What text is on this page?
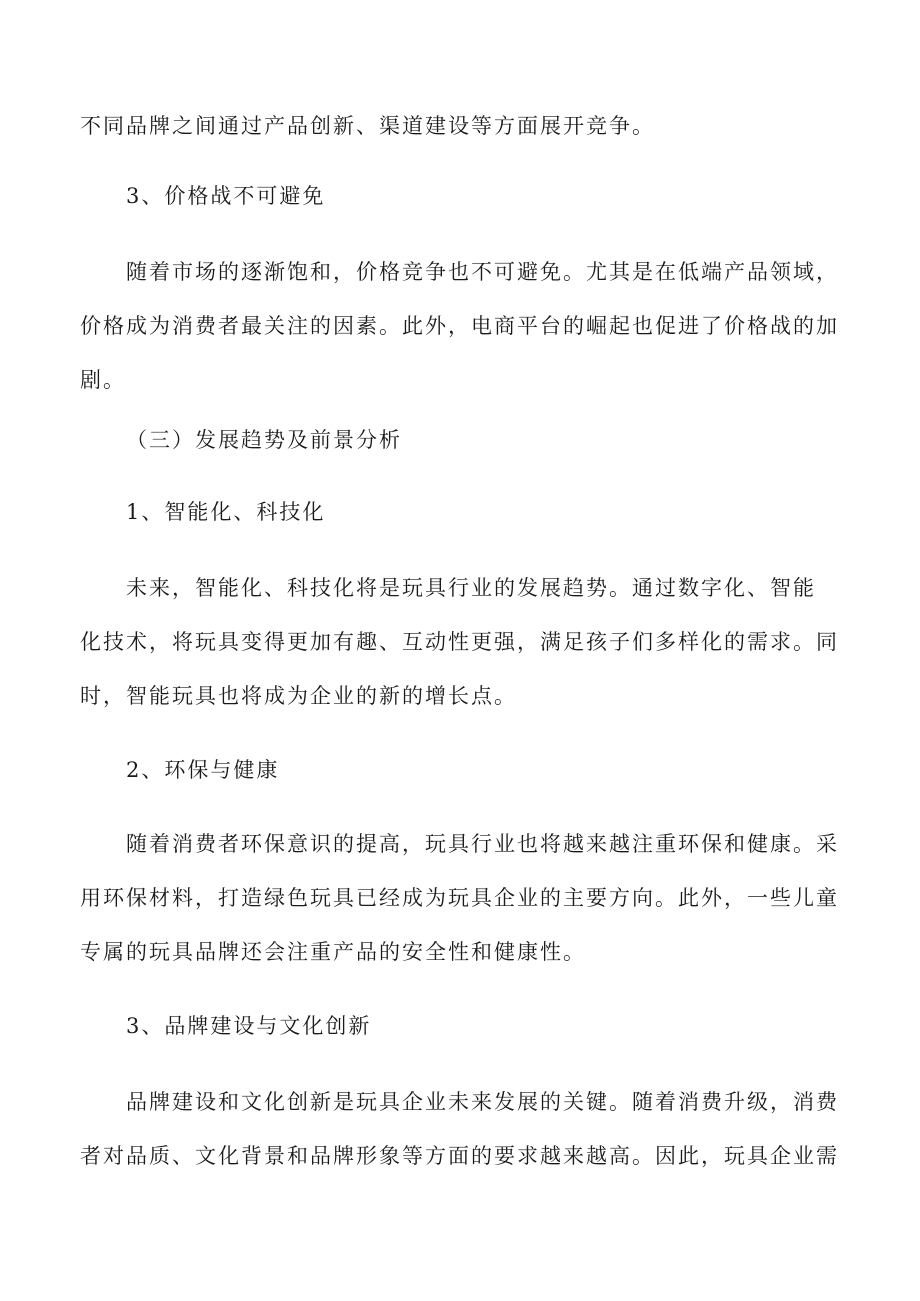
不同品牌之间通过产品创新、渠道建设等方面展开竞争。

3、价格战不可避免

随着市场的逐渐饱和，价格竞争也不可避免。尤其是在低端产品领域，
价格成为消费者最关注的因素。此外，电商平台的崛起也促进了价格战的加
剧。

（三）发展趋势及前景分析

1、智能化、科技化

未来，智能化、科技化将是玩具行业的发展趋势。通过数字化、智能
化技术，将玩具变得更加有趣、互动性更强，满足孩子们多样化的需求。同
时，智能玩具也将成为企业的新的增长点。

2、环保与健康

随着消费者环保意识的提高，玩具行业也将越来越注重环保和健康。采
用环保材料，打造绿色玩具已经成为玩具企业的主要方向。此外，一些儿童
专属的玩具品牌还会注重产品的安全性和健康性。

3、品牌建设与文化创新

品牌建设和文化创新是玩具企业未来发展的关键。随着消费升级，消费
者对品质、文化背景和品牌形象等方面的要求越来越高。因此，玩具企业需
